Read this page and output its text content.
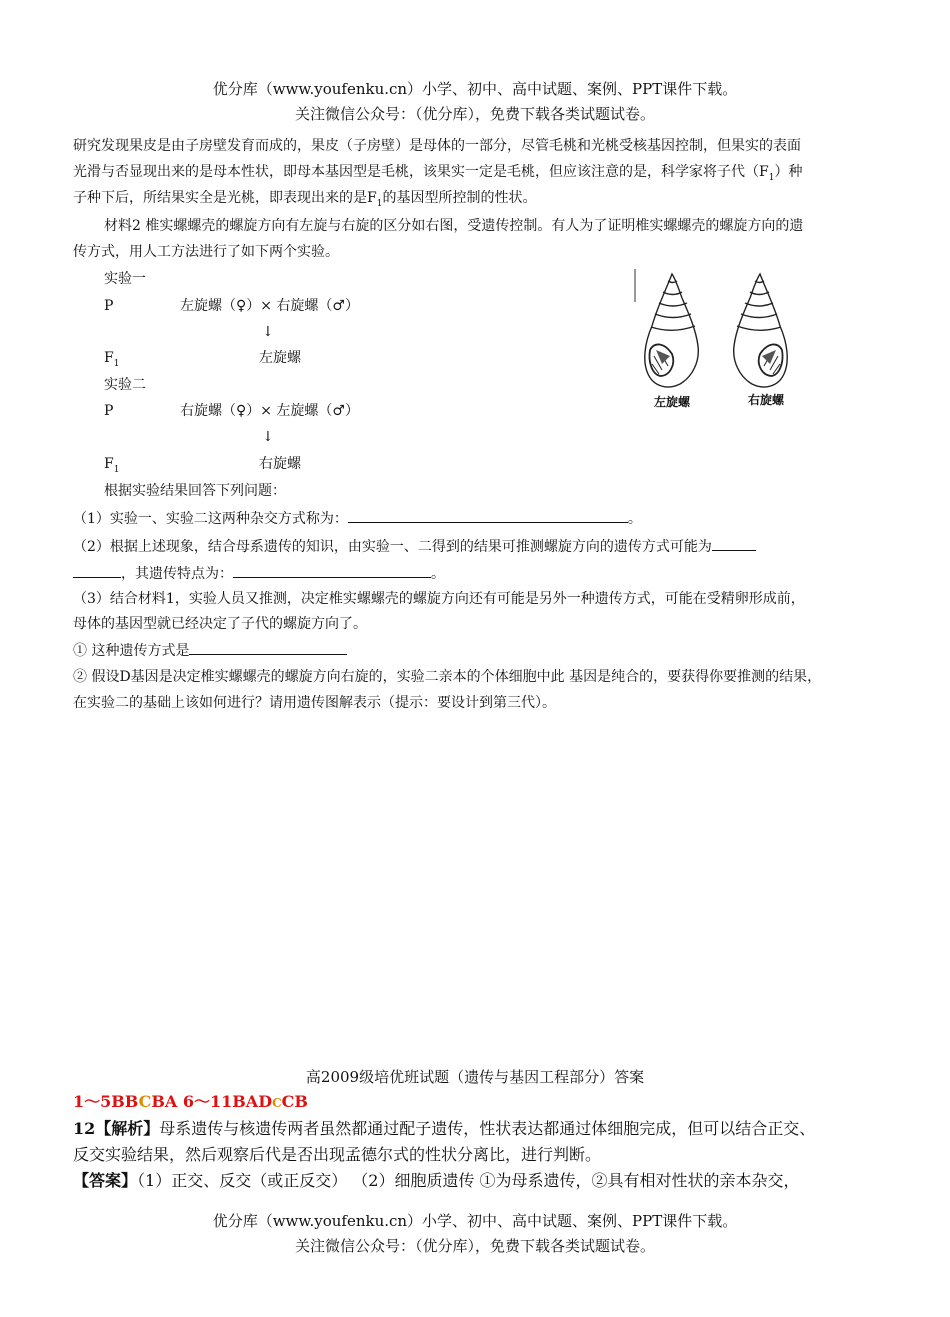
优分库（www.youfenku.cn）小学、初中、高中试题、案例、PPT课件下载。
关注微信公众号：（优分库），免费下载各类试题试卷。
研究发现果皮是由子房壁发育而成的，果皮（子房壁）是母体的一部分，尽管毛桃和光桃受核基因控制，但果实的表面
光滑与否显现出来的是母本性状，即母本基因型是毛桃，该果实一定是毛桃，但应该注意的是，科学家将子代$(F_1)$种
子种下后，所结果实全是光桃，即表现出来的是$F_1$的基因型所控制的性状。
材料2 椎实螺螺壳的螺旋方向有左旋与右旋的区分如右图，受遗传控制。有人为了证明椎实螺螺壳的螺旋方向的遗
传方式，用人工方法进行了如下两个实验。
实验一
P	左旋螺（♀）× 右旋螺（♂）
↓
$F_1$	左旋螺
实验二
P	右旋螺（♀）× 左旋螺（♂）
↓
$F_1$	右旋螺
左旋螺	右旋螺
根据实验结果回答下列问题：
（1）实验一、实验二这两种杂交方式称为：	。
（2）根据上述现象，结合母系遗传的知识，由实验一、二得到的结果可推测螺旋方向的遗传方式可能为
，其遗传特点为：	。
（3）结合材料1，实验人员又推测，决定椎实螺螺壳的螺旋方向还有可能是另外一种遗传方式，可能在受精卵形成前，
母体的基因型就已经决定了子代的螺旋方向了。
① 这种遗传方式是
② 假设D基因是决定椎实螺螺壳的螺旋方向右旋的，实验二亲本的个体细胞中此 基因是纯合的，要获得你要推测的结果，
在实验二的基础上该如何进行？请用遗传图解表示（提示：要设计到第三代）。
高2009级培优班试题（遗传与基因工程部分）答案
1～5BBCBA 6～11BADCCB
12【解析】母系遗传与核遗传两者虽然都通过配子遗传，性状表达都通过体细胞完成，但可以结合正交、
反交实验结果，然后观察后代是否出现孟德尔式的性状分离比，进行判断。
【答案】（1）正交、反交（或正反交） （2）细胞质遗传 ①为母系遗传，②具有相对性状的亲本杂交，
优分库（www.youfenku.cn）小学、初中、高中试题、案例、PPT课件下载。
关注微信公众号：（优分库），免费下载各类试题试卷。
